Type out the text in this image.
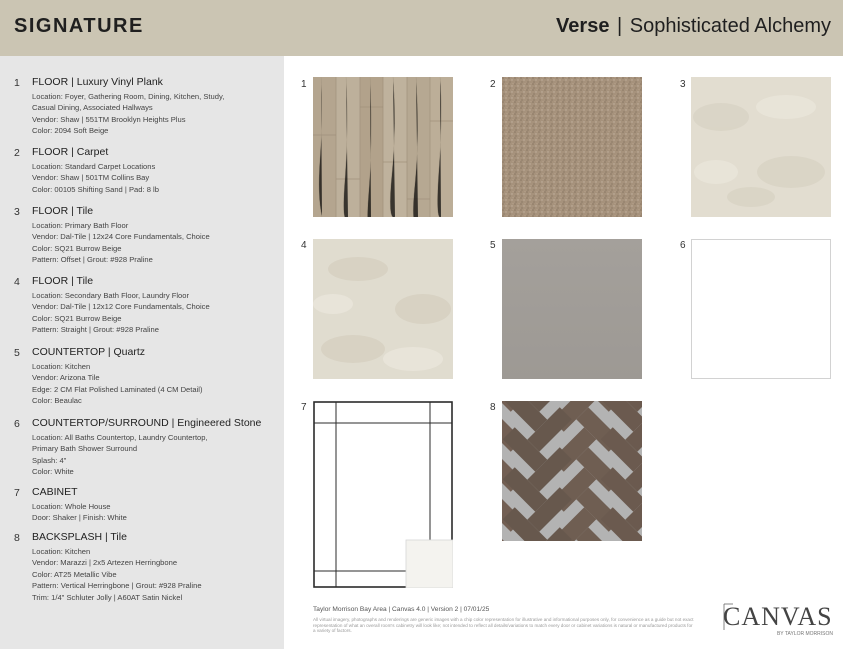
SIGNATURE	Verse | Sophisticated Alchemy
1 FLOOR | Luxury Vinyl Plank
Location: Foyer, Gathering Room, Dining, Kitchen, Study,
Casual Dining, Associated Hallways
Vendor: Shaw | 551TM Brooklyn Heights Plus
Color: 2094 Soft Beige
2 FLOOR | Carpet
Location: Standard Carpet Locations
Vendor: Shaw | 501TM Collins Bay
Color: 00105 Shifting Sand | Pad: 8 lb
3 FLOOR | Tile
Location: Primary Bath Floor
Vendor: Dal-Tile | 12x24 Core Fundamentals, Choice
Color: SQ21 Burrow Beige
Pattern: Offset | Grout: #928 Praline
4 FLOOR | Tile
Location: Secondary Bath Floor, Laundry Floor
Vendor: Dal-Tile | 12x12 Core Fundamentals, Choice
Color: SQ21 Burrow Beige
Pattern: Straight | Grout: #928 Praline
5 COUNTERTOP | Quartz
Location: Kitchen
Vendor: Arizona Tile
Edge: 2 CM Flat Polished Laminated (4 CM Detail)
Color: Beaulac
6 COUNTERTOP/SURROUND | Engineered Stone
Location: All Baths Countertop, Laundry Countertop,
Primary Bath Shower Surround
Splash: 4"
Color: White
7 CABINET
Location: Whole House
Door: Shaker | Finish: White
8 BACKSPLASH | Tile
Location: Kitchen
Vendor: Marazzi | 2x5 Artezen Herringbone
Color: AT25 Metallic Vibe
Pattern: Vertical Herringbone | Grout: #928 Praline
Trim: 1/4" Schluter Jolly | A60AT Satin Nickel
1	2	3
4	5	6
7	8
Taylor Morrison Bay Area | Canvas 4.0 | Version 2 | 07/01/25
All virtual imagery, photographs and renderings are generic images with a chip color representation for illustrative and informational purposes only, for convenience as a guide but not exact representation of what an overall room's cabinetry will look like; not intended to reflect all details/variations to match every door or cabinet variations is natural or manufactured products for a variety of factors.	CANVAS
BY TAYLOR MORRISON
